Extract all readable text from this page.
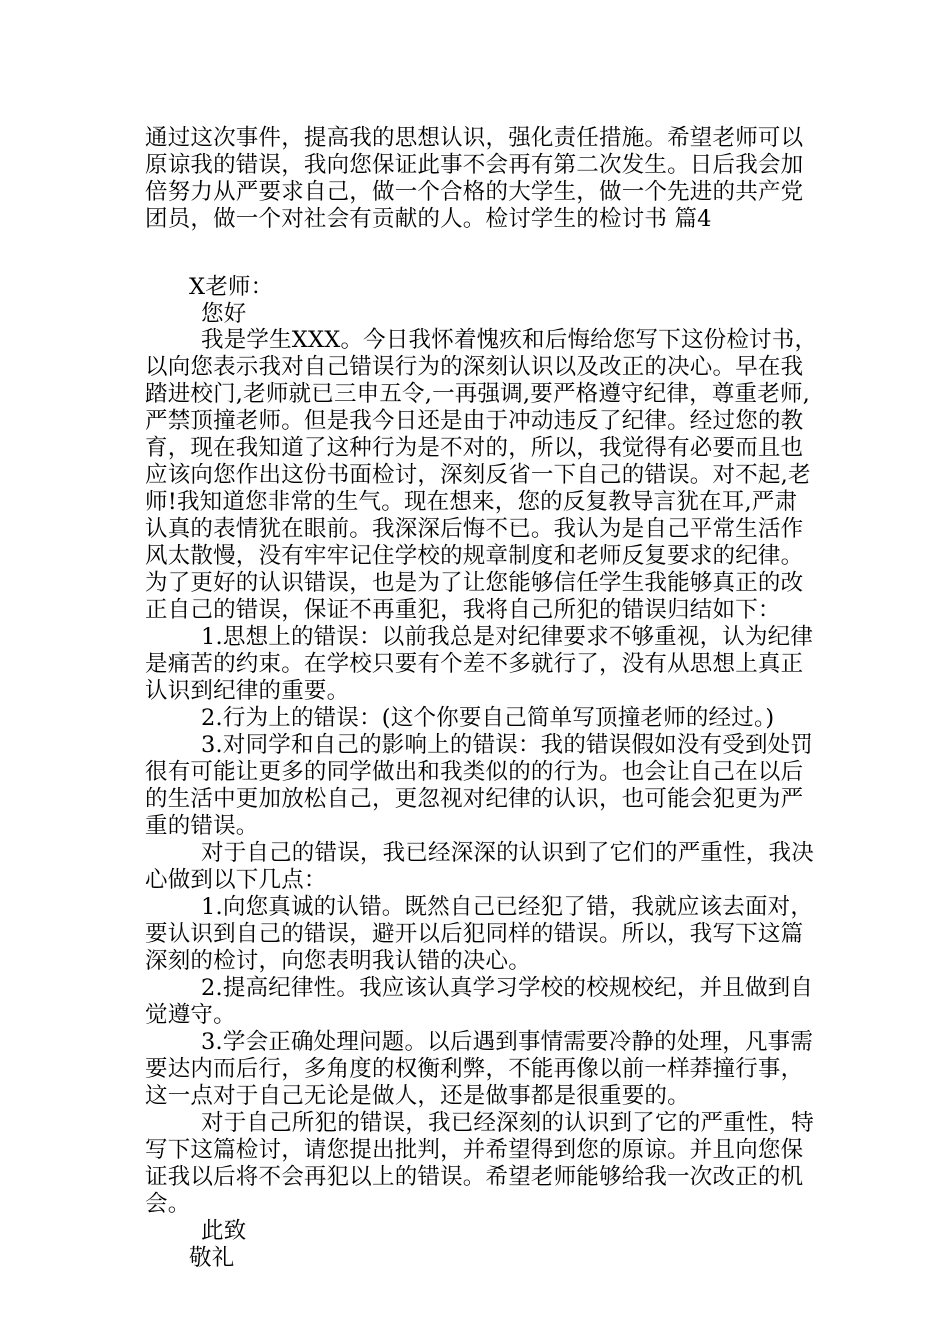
通过这次事件，提高我的思想认识，强化责任措施。希望老师可以
原谅我的错误，我向您保证此事不会再有第二次发生。日后我会加
倍努力从严要求自己，做一个合格的大学生，做一个先进的共产党
团员，做一个对社会有贡献的人。检讨学生的检讨书 篇4
X老师：
您好
我是学生XXX。今日我怀着愧疚和后悔给您写下这份检讨书，
以向您表示我对自己错误行为的深刻认识以及改正的决心。早在我
踏进校门,老师就已三申五令,一再强调,要严格遵守纪律，尊重老师,
严禁顶撞老师。但是我今日还是由于冲动违反了纪律。经过您的教
育，现在我知道了这种行为是不对的，所以，我觉得有必要而且也
应该向您作出这份书面检讨，深刻反省一下自己的错误。对不起,老
师!我知道您非常的生气。现在想来，您的反复教导言犹在耳,严肃
认真的表情犹在眼前。我深深后悔不已。我认为是自己平常生活作
风太散慢，没有牢牢记住学校的规章制度和老师反复要求的纪律。
为了更好的认识错误，也是为了让您能够信任学生我能够真正的改
正自己的错误，保证不再重犯，我将自己所犯的错误归结如下：
1.思想上的错误：以前我总是对纪律要求不够重视，认为纪律
是痛苦的约束。在学校只要有个差不多就行了，没有从思想上真正
认识到纪律的重要。
2.行为上的错误：(这个你要自己简单写顶撞老师的经过。)
3.对同学和自己的影响上的错误：我的错误假如没有受到处罚
很有可能让更多的同学做出和我类似的的行为。也会让自己在以后
的生活中更加放松自己，更忽视对纪律的认识，也可能会犯更为严
重的错误。
对于自己的错误，我已经深深的认识到了它们的严重性，我决
心做到以下几点：
1.向您真诚的认错。既然自己已经犯了错，我就应该去面对，
要认识到自己的错误，避开以后犯同样的错误。所以，我写下这篇
深刻的检讨，向您表明我认错的决心。
2.提高纪律性。我应该认真学习学校的校规校纪，并且做到自
觉遵守。
3.学会正确处理问题。以后遇到事情需要冷静的处理，凡事需
要达内而后行，多角度的权衡利弊，不能再像以前一样莽撞行事，
这一点对于自己无论是做人，还是做事都是很重要的。
对于自己所犯的错误，我已经深刻的认识到了它的严重性，特
写下这篇检讨，请您提出批判，并希望得到您的原谅。并且向您保
证我以后将不会再犯以上的错误。希望老师能够给我一次改正的机
会。
此致
敬礼
